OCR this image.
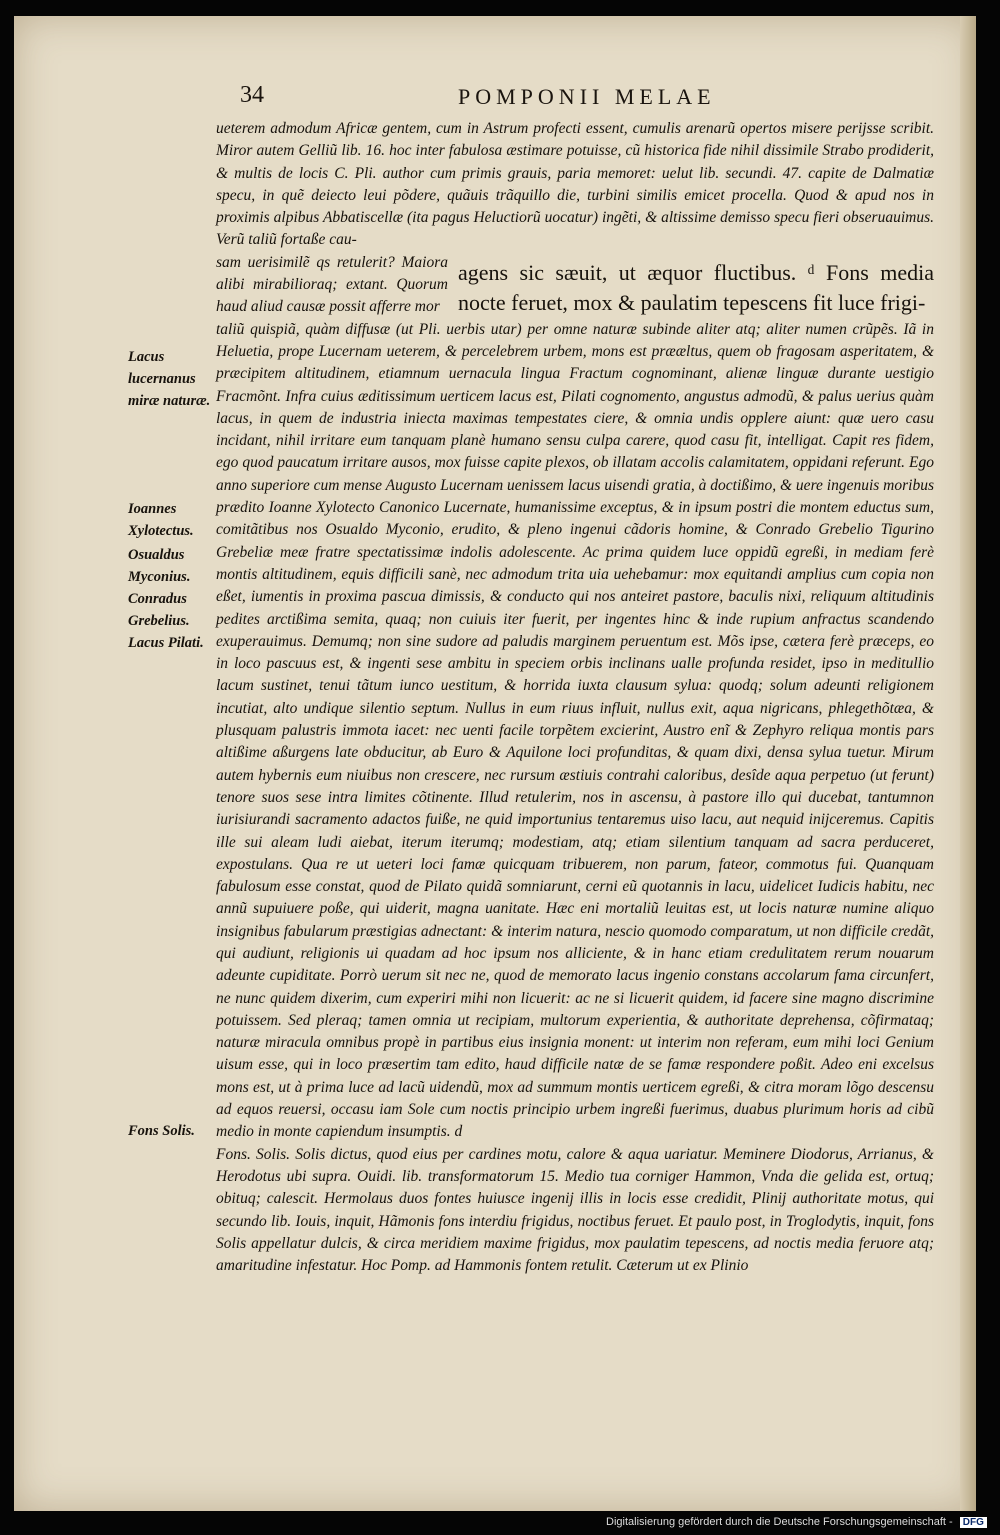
34	POMPONII MELAE
Lacus lucernanus miræ naturæ.
Ioannes Xylotectus.
Osualdus Myconius.
Conradus Grebelius.
Lacus Pilati.
Fons Solis.

ueterem admodum Africæ gentem, cum in Astrum profecti essent, cumulis arenarũ opertos misere perijsse scribit. Miror autem Gelliũ lib. 16. hoc inter fabulosa æstimare potuisse, cũ historica fide nihil dissimile Strabo prodiderit, & multis de locis C. Pli. author cum primis grauis, paria memoret: uelut lib. secundi. 47. capite de Dalmatiæ specu, in quẽ deiecto leui põdere, quãuis trãquillo die, turbini similis emicet procella. Quod & apud nos in proximis alpibus Abbatiscellæ (ita pagus Heluctiorũ uocatur) ingẽti, & altissime demisso specu fieri obseruauimus. Verũ taliũ fortaße cau-

sam uerisimilẽ qs retulerit? Maiora alibi mirabilioraq; extant. Quorum haud aliud causæ possit afferre mor

agens sic sæuit, ut æquor fluctibus. ᵈ Fons media noctе feruet, mox & paulatim tepescens fit luce frigi-

taliũ quispiã, quàm diffusæ (ut Pli. uerbis utar) per omne naturæ subinde aliter atq; aliter numen crũpẽs. Iã in Heluetia, prope Lucernam ueterem, & percelebrem urbem, mons est prææltus, quem ob fragosam asperitatem, & præcipitem altitudinem, etiamnum uernacula lingua Fractum cognominant, alienæ linguæ durante uestigio Fracmõnt. Infra cuius æditissimum uerticem lacus est, Pilati cognomento, angustus admodũ, & palus uerius quàm lacus, in quem de industria iniecta maximas tempestates ciere, & omnia undis opplere aiunt: quæ uero casu incidant, nihil irritare eum tanquam planè humano sensu culpa carere, quod casu fit, intelligat. Capit res fidem, ego quod paucatum irritare ausos, mox fuisse capite plexos, ob illatam accolis calamitatem, oppidani referunt. Ego anno superiore cum mense Augusto Lucernam uenissem lacus uisendi gratia, à doctißimo, & uere ingenuis moribus prædito Ioanne Xylotecto Canonico Lucernate, humanissime exceptus, & in ipsum postri die montem eductus sum, comitãtibus nos Osualdo Myconio, erudito, & pleno ingenui cãdoris homine, & Conrado Grebelio Tigurino Grebeliæ meæ fratre spectatissimæ indolis adolescente. Ac prima quidem luce oppidũ egreßi, in mediam ferè montis altitudinem, equis difficili sanè, nec admodum trita uia uehebamur: mox equitandi amplius cum copia non eßet, iumentis in proxima pascua dimissis, & conducto qui nos anteiret pastore, baculis nixi, reliquum altitudinis pedites arctißima semita, quaq; non cuiuis iter fuerit, per ingentes hinc & inde rupium anfractus scandendo exuperauimus. Demumq; non sine sudore ad paludis marginem peruentum est. Mõs ipse, cætera ferè præceps, eo in loco pascuus est, & ingenti sese ambitu in speciem orbis inclinans ualle profunda residet, ipso in meditullio lacum sustinet, tenui tãtum iunco uestitum, & horrida iuxta clausum sylua: quodq; solum adeunti religionem incutiat, alto undique silentio septum. Nullus in eum riuus influit, nullus exit, aqua nigricans, phlegethõtæa, & plusquam palustris immota iacet: nec uenti facile torpẽtem excierint, Austro enĩ & Zephyro reliqua montis pars altißime aßurgens late obducitur, ab Euro & Aquilone loci profunditas, & quam dixi, densa sylua tuetur. Mirum autem hybernis eum niuibus non crescere, nec rursum æstiuis contrahi caloribus, desîde aqua perpetuo (ut ferunt) tenore suos sese intra limites cõtinente. Illud retulerim, nos in ascensu, à pastore illo qui ducebat, tantumnon iurisiurandi sacramento adactos fuiße, ne quid importunius tentaremus uiso lacu, aut nequid inijceremus. Capitis ille sui aleam ludi aiebat, iterum iterumq; modestiam, atq; etiam silentium tanquam ad sacra perduceret, expostulans. Qua re ut ueteri loci famæ quicquam tribuerem, non parum, fateor, commotus fui. Quanquam fabulosum esse constat, quod de Pilato quidã somniarunt, cerni eũ quotannis in lacu, uidelicet Iudicis habitu, nec annũ supuiuere poße, qui uiderit, magna uanitate. Hæc eni mortaliũ leuitas est, ut locis naturæ numine aliquo insignibus fabularum præstigias adnectant: & interim natura, nescio quomodo comparatum, ut non difficile credãt, qui audiunt, religionis ui quadam ad hoc ipsum nos alliciente, & in hanc etiam credulitatem rerum nouarum adeunte cupiditate. Porrò uerum sit nec ne, quod de memorato lacus ingenio constans accolarum fama circunfert, ne nunc quidem dixerim, cum experiri mihi non licuerit: ac ne si licuerit quidem, id facere sine magno discrimine potuissem. Sed pleraq; tamen omnia ut recipiam, multorum experientia, & authoritate deprehensa, cõfirmataq; naturæ miracula omnibus propè in partibus eius insignia monent: ut interim non referam, eum mihi loci Genium uisum esse, qui in loco præsertim tam edito, haud difficile natæ de se famæ respondere poßit. Adeo eni excelsus mons est, ut à prima luce ad lacũ uidendũ, mox ad summum montis uerticem egreßi, & citra moram lõgo descensu ad equos reuersi, occasu iam Sole cum noctis principio urbem ingreßi fuerimus, duabus plurimum horis ad cibũ medio in monte capiendum insumptis. d

Fons. Solis. Solis dictus, quod eius per cardines motu, calore & aqua uariatur. Meminere Diodorus, Arrianus, & Herodotus ubi supra. Ouidi. lib. transformatorum 15. Medio tua corniger Hammon, Vnda die gelida est, ortuq; obituq; calescit. Hermolaus duos fontes huiusce ingenij illis in locis esse credidit, Plinij authoritate motus, qui secundo lib. Iouis, inquit, Hãmonis fons interdiu frigidus, noctibus feruet. Et paulo post, in Troglodytis, inquit, fons Solis appellatur dulcis, & circa meridiem maxime frigidus, mox paulatim tepescens, ad noctis media feruore atq; amaritudine infestatur. Hoc Pomp. ad Hammonis fontem retulit. Cæterum ut ex Plinio

Digitalisierung gefördert durch die Deutsche Forschungsgemeinschaft - DFG
